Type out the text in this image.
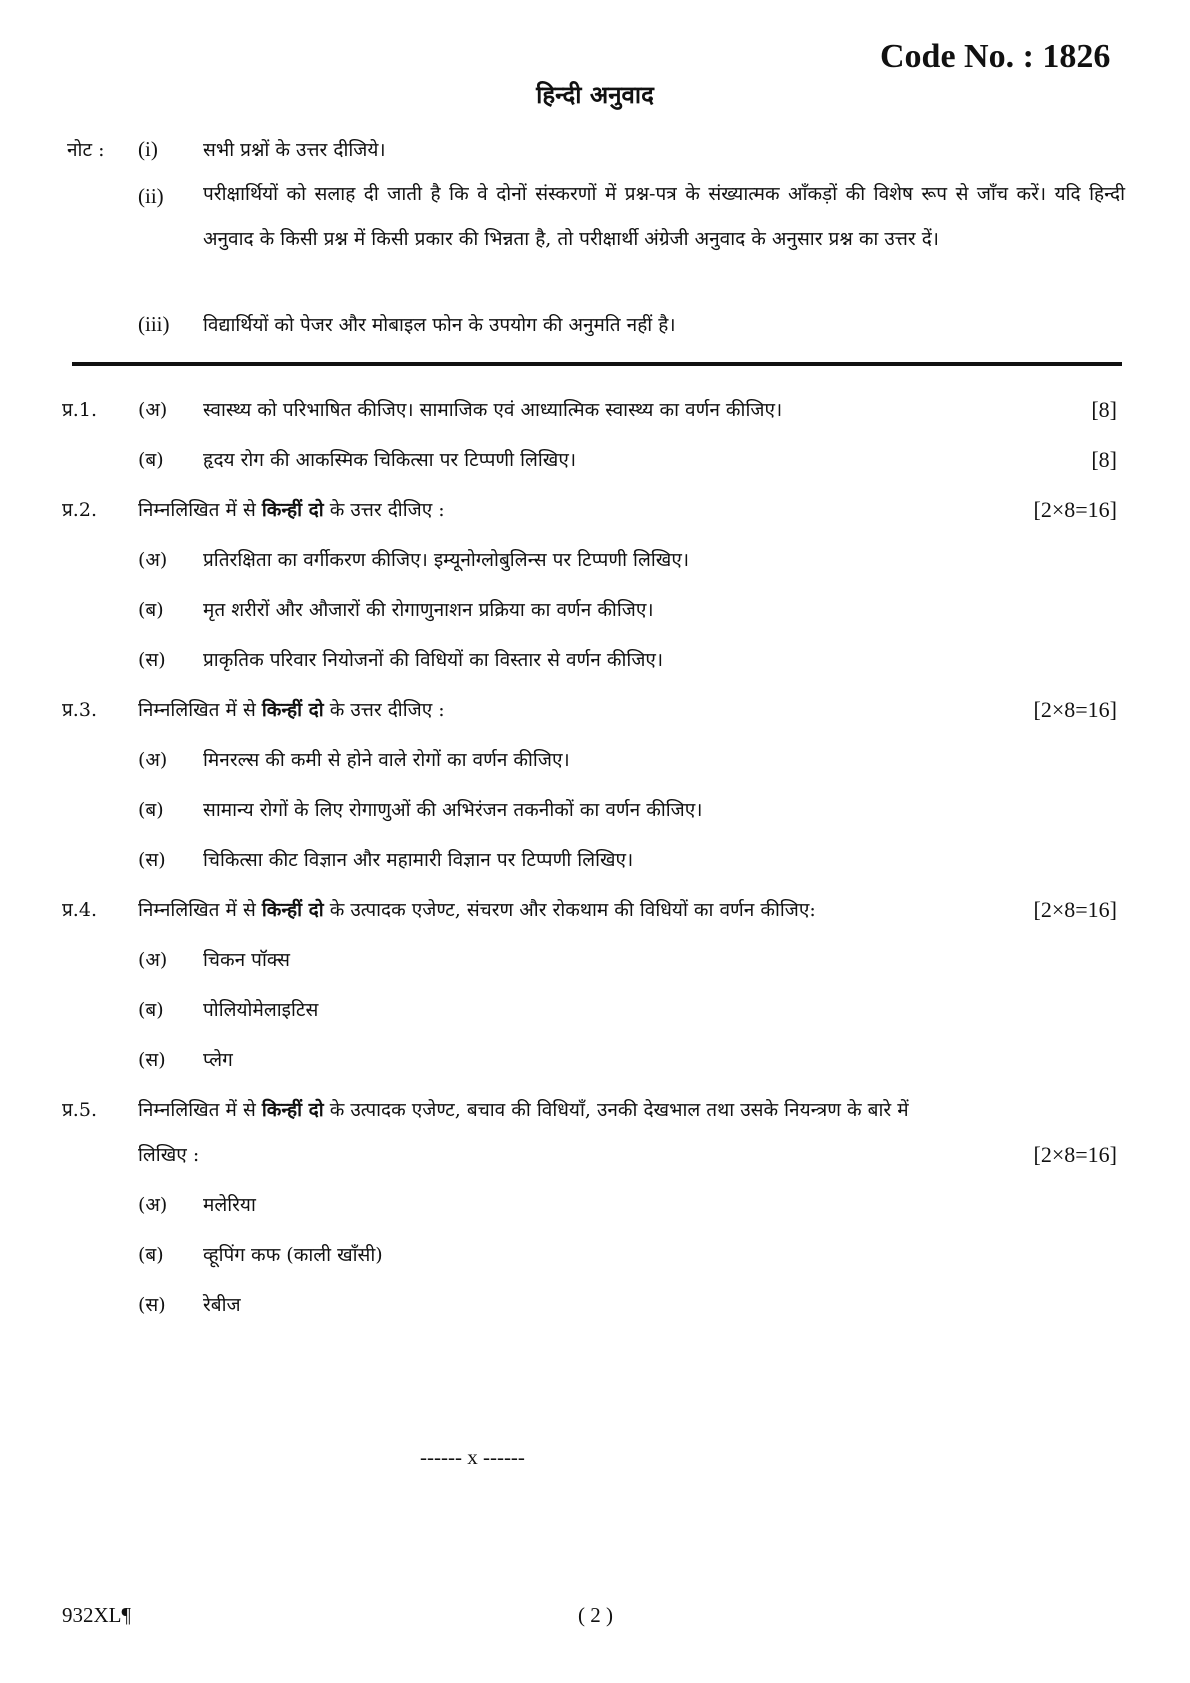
Code No. : 1826
हिन्दी अनुवाद
नोट : (i) सभी प्रश्नों के उत्तर दीजिये।
(ii) परीक्षार्थियों को सलाह दी जाती है कि वे दोनों संस्करणों में प्रश्न-पत्र के संख्यात्मक आँकड़ों की विशेष रूप से जाँच करें। यदि हिन्दी अनुवाद के किसी प्रश्न में किसी प्रकार की भिन्नता है, तो परीक्षार्थी अंग्रेजी अनुवाद के अनुसार प्रश्न का उत्तर दें।
(iii) विद्यार्थियों को पेजर और मोबाइल फोन के उपयोग की अनुमति नहीं है।
प्र.1. (अ) स्वास्थ्य को परिभाषित कीजिए। सामाजिक एवं आध्यात्मिक स्वास्थ्य का वर्णन कीजिए।	[8]
(ब) हृदय रोग की आकस्मिक चिकित्सा पर टिप्पणी लिखिए।	[8]
प्र.2. निम्नलिखित में से किन्हीं दो के उत्तर दीजिए :	[2×8=16]
(अ) प्रतिरक्षिता का वर्गीकरण कीजिए। इम्यूनोग्लोबुलिन्स पर टिप्पणी लिखिए।
(ब) मृत शरीरों और औजारों की रोगाणुनाशन प्रक्रिया का वर्णन कीजिए।
(स) प्राकृतिक परिवार नियोजनों की विधियों का विस्तार से वर्णन कीजिए।
प्र.3. निम्नलिखित में से किन्हीं दो के उत्तर दीजिए :	[2×8=16]
(अ) मिनरल्स की कमी से होने वाले रोगों का वर्णन कीजिए।
(ब) सामान्य रोगों के लिए रोगाणुओं की अभिरंजन तकनीकों का वर्णन कीजिए।
(स) चिकित्सा कीट विज्ञान और महामारी विज्ञान पर टिप्पणी लिखिए।
प्र.4. निम्नलिखित में से किन्हीं दो के उत्पादक एजेण्ट, संचरण और रोकथाम की विधियों का वर्णन कीजिए:	[2×8=16]
(अ) चिकन पॉक्स
(ब) पोलियोमेलाइटिस
(स) प्लेग
प्र.5. निम्नलिखित में से किन्हीं दो के उत्पादक एजेण्ट, बचाव की विधियाँ, उनकी देखभाल तथा उसके नियन्त्रण के बारे में
लिखिए :	[2×8=16]
(अ) मलेरिया
(ब) व्हूपिंग कफ (काली खाँसी)
(स) रेबीज
------ x ------
932XL¶	( 2 )
